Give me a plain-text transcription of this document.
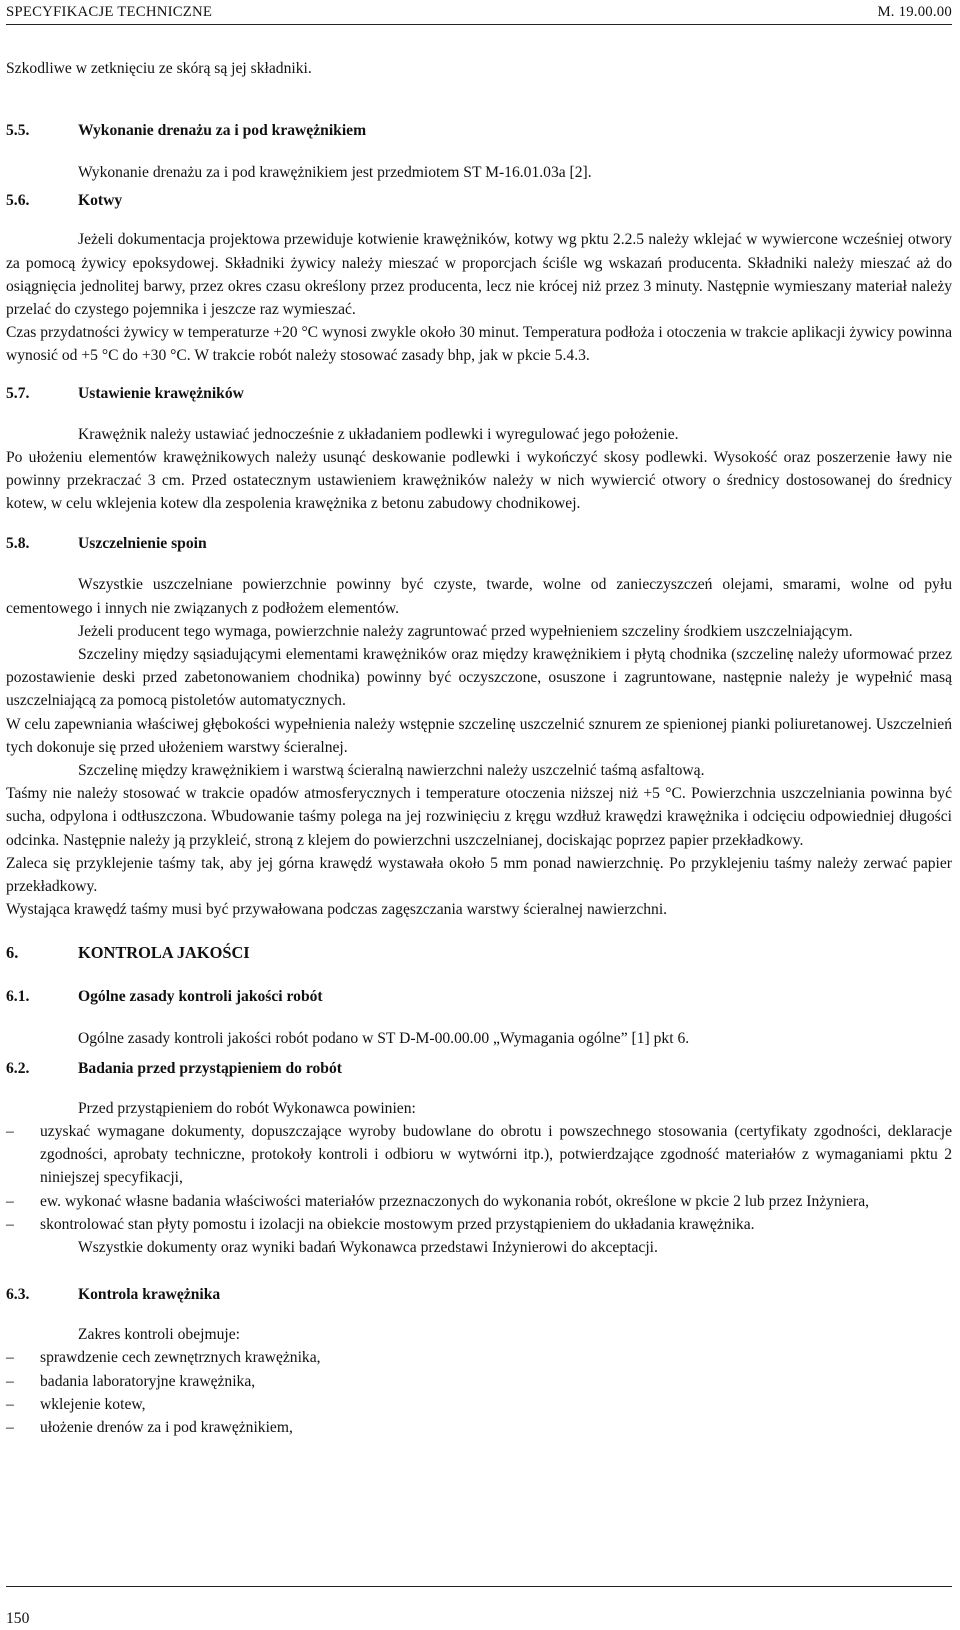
SPECYFIKACJE TECHNICZNE	M. 19.00.00

Szkodliwe w zetknięciu ze skórą są jej składniki.

5.5.	Wykonanie drenażu za i pod krawężnikiem

Wykonanie drenażu za i pod krawężnikiem jest przedmiotem ST M-16.01.03a [2].

5.6.	Kotwy

Jeżeli dokumentacja projektowa przewiduje kotwienie krawężników, kotwy wg pktu 2.2.5 należy wklejać w wywiercone wcześniej otwory za pomocą żywicy epoksydowej. Składniki żywicy należy mieszać w proporcjach ściśle wg wskazań producenta. Składniki należy mieszać aż do osiągnięcia jednolitej barwy, przez okres czasu określony przez producenta, lecz nie krócej niż przez 3 minuty. Następnie wymieszany materiał należy przelać do czystego pojemnika i jeszcze raz wymieszać.

Czas przydatności żywicy w temperaturze +20 °C wynosi zwykle około 30 minut. Temperatura podłoża i otoczenia w trakcie aplikacji żywicy powinna wynosić od +5 °C do +30 °C. W trakcie robót należy stosować zasady bhp, jak w pkcie 5.4.3.

5.7.	Ustawienie krawężników

Krawężnik należy ustawiać jednocześnie z układaniem podlewki i wyregulować jego położenie.

Po ułożeniu elementów krawężnikowych należy usunąć deskowanie podlewki i wykończyć skosy podlewki. Wysokość oraz poszerzenie ławy nie powinny przekraczać 3 cm. Przed ostatecznym ustawieniem krawężników należy w nich wywiercić otwory o średnicy dostosowanej do średnicy kotew, w celu wklejenia kotew dla zespolenia krawężnika z betonu zabudowy chodnikowej.

5.8.	Uszczelnienie spoin

Wszystkie uszczelniane powierzchnie powinny być czyste, twarde, wolne od zanieczyszczeń olejami, smarami, wolne od pyłu cementowego i innych nie związanych z podłożem elementów.

Jeżeli producent tego wymaga, powierzchnie należy zagruntować przed wypełnieniem szczeliny środkiem uszczelniającym.

Szczeliny między sąsiadującymi elementami krawężników oraz między krawężnikiem i płytą chodnika (szczelinę należy uformować przez pozostawienie deski przed zabetonowaniem chodnika) powinny być oczyszczone, osuszone i zagruntowane, następnie należy je wypełnić masą uszczelniającą za pomocą pistoletów automatycznych.

W celu zapewniania właściwej głębokości wypełnienia należy wstępnie szczelinę uszczelnić sznurem ze spienionej pianki poliuretanowej. Uszczelnień tych dokonuje się przed ułożeniem warstwy ścieralnej.

Szczelinę między krawężnikiem i warstwą ścieralną nawierzchni należy uszczelnić taśmą asfaltową.

Taśmy nie należy stosować w trakcie opadów atmosferycznych i temperature otoczenia niższej niż +5 °C. Powierzchnia uszczelniania powinna być sucha, odpylona i odtłuszczona. Wbudowanie taśmy polega na jej rozwinięciu z kręgu wzdłuż krawędzi krawężnika i odcięciu odpowiedniej długości odcinka. Następnie należy ją przykleić, stroną z klejem do powierzchni uszczelnianej, dociskając poprzez papier przekładkowy.

Zaleca się przyklejenie taśmy tak, aby jej górna krawędź wystawała około 5 mm ponad nawierzchnię. Po przyklejeniu taśmy należy zerwać papier przekładkowy.

Wystająca krawędź taśmy musi być przywałowana podczas zagęszczania warstwy ścieralnej nawierzchni.

6.	KONTROLA JAKOŚCI
6.1.	Ogólne zasady kontroli jakości robót

Ogólne zasady kontroli jakości robót podano w ST D-M-00.00.00 „Wymagania ogólne” [1] pkt 6.

6.2.	Badania przed przystąpieniem do robót

Przed przystąpieniem do robót Wykonawca powinien:

– uzyskać wymagane dokumenty, dopuszczające wyroby budowlane do obrotu i powszechnego stosowania (certyfikaty zgodności, deklaracje zgodności, aprobaty techniczne, protokoły kontroli i odbioru w wytwórni itp.), potwierdzające zgodność materiałów z wymaganiami pktu 2 niniejszej specyfikacji,
– ew. wykonać własne badania właściwości materiałów przeznaczonych do wykonania robót, określone w pkcie 2 lub przez Inżyniera,
– skontrolować stan płyty pomostu i izolacji na obiekcie mostowym przed przystąpieniem do układania krawężnika.

Wszystkie dokumenty oraz wyniki badań Wykonawca przedstawi Inżynierowi do akceptacji.

6.3.	Kontrola krawężnika

Zakres kontroli obejmuje:

– sprawdzenie cech zewnętrznych krawężnika,
– badania laboratoryjne krawężnika,
– wklejenie kotew,
– ułożenie drenów za i pod krawężnikiem,
150
